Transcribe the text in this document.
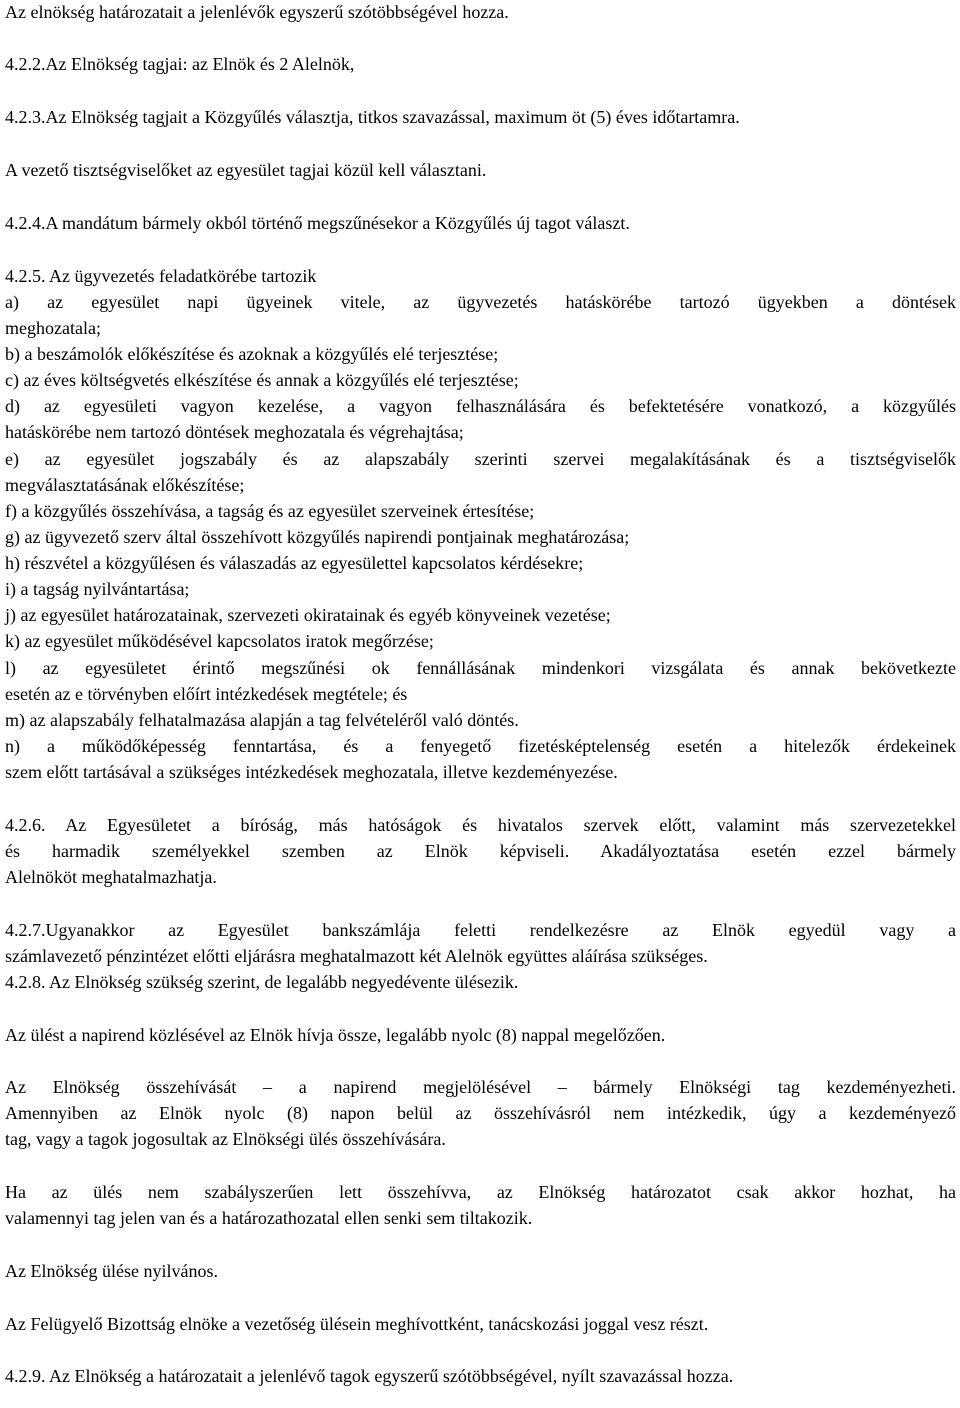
Az elnökség határozatait a jelenlévők egyszerű szótöbbségével hozza.
4.2.2.Az Elnökség tagjai: az Elnök és 2 Alelnök,
4.2.3.Az Elnökség tagjait a Közgyűlés választja, titkos szavazással, maximum öt (5) éves időtartamra.
A vezető tisztségviselőket az egyesület tagjai közül kell választani.
4.2.4.A mandátum bármely okból történő megszűnésekor a Közgyűlés új tagot választ.
4.2.5. Az ügyvezetés feladatkörébe tartozik
a) az egyesület napi ügyeinek vitele, az ügyvezetés hatáskörébe tartozó ügyekben a döntések
meghozatala;
b) a beszámolók előkészítése és azoknak a közgyűlés elé terjesztése;
c) az éves költségvetés elkészítése és annak a közgyűlés elé terjesztése;
d) az egyesületi vagyon kezelése, a vagyon felhasználására és befektetésére vonatkozó, a közgyűlés
hatáskörébe nem tartozó döntések meghozatala és végrehajtása;
e) az egyesület jogszabály és az alapszabály szerinti szervei megalakításának és a tisztségviselők
megválasztatásának előkészítése;
f) a közgyűlés összehívása, a tagság és az egyesület szerveinek értesítése;
g) az ügyvezető szerv által összehívott közgyűlés napirendi pontjainak meghatározása;
h) részvétel a közgyűlésen és válaszadás az egyesülettel kapcsolatos kérdésekre;
i) a tagság nyilvántartása;
j) az egyesület határozatainak, szervezeti okiratainak és egyéb könyveinek vezetése;
k) az egyesület működésével kapcsolatos iratok megőrzése;
l) az egyesületet érintő megszűnési ok fennállásának mindenkori vizsgálata és annak bekövetkezte
esetén az e törvényben előírt intézkedések megtétele; és
m) az alapszabály felhatalmazása alapján a tag felvételéről való döntés.
n) a működőképesség fenntartása, és a fenyegető fizetésképtelenség esetén a hitelezők érdekeinek
szem előtt tartásával a szükséges intézkedések meghozatala, illetve kezdeményezése.
4.2.6. Az Egyesületet a bíróság, más hatóságok és hivatalos szervek előtt, valamint más szervezetekkel
és harmadik személyekkel szemben az Elnök képviseli. Akadályoztatása esetén ezzel bármely
Alelnököt meghatalmazhatja.
4.2.7.Ugyanakkor az Egyesület bankszámlája feletti rendelkezésre az Elnök egyedül vagy a
számlavezető pénzintézet előtti eljárásra meghatalmazott két Alelnök együttes aláírása szükséges.
4.2.8. Az Elnökség szükség szerint, de legalább negyedévente ülésezik.
Az ülést a napirend közlésével az Elnök hívja össze, legalább nyolc (8) nappal megelőzően.
Az Elnökség összehívását – a napirend megjelölésével – bármely Elnökségi tag kezdeményezheti.
Amennyiben az Elnök nyolc (8) napon belül az összehívásról nem intézkedik, úgy a kezdeményező
tag, vagy a tagok jogosultak az Elnökségi ülés összehívására.
Ha az ülés nem szabályszerűen lett összehívva, az Elnökség határozatot csak akkor hozhat, ha
valamennyi tag jelen van és a határozathozatal ellen senki sem tiltakozik.
Az Elnökség ülése nyilvános.
Az Felügyelő Bizottság elnöke a vezetőség ülésein meghívottként, tanácskozási joggal vesz részt.
4.2.9. Az Elnökség a határozatait a jelenlévő tagok egyszerű szótöbbségével, nyílt szavazással hozza.
